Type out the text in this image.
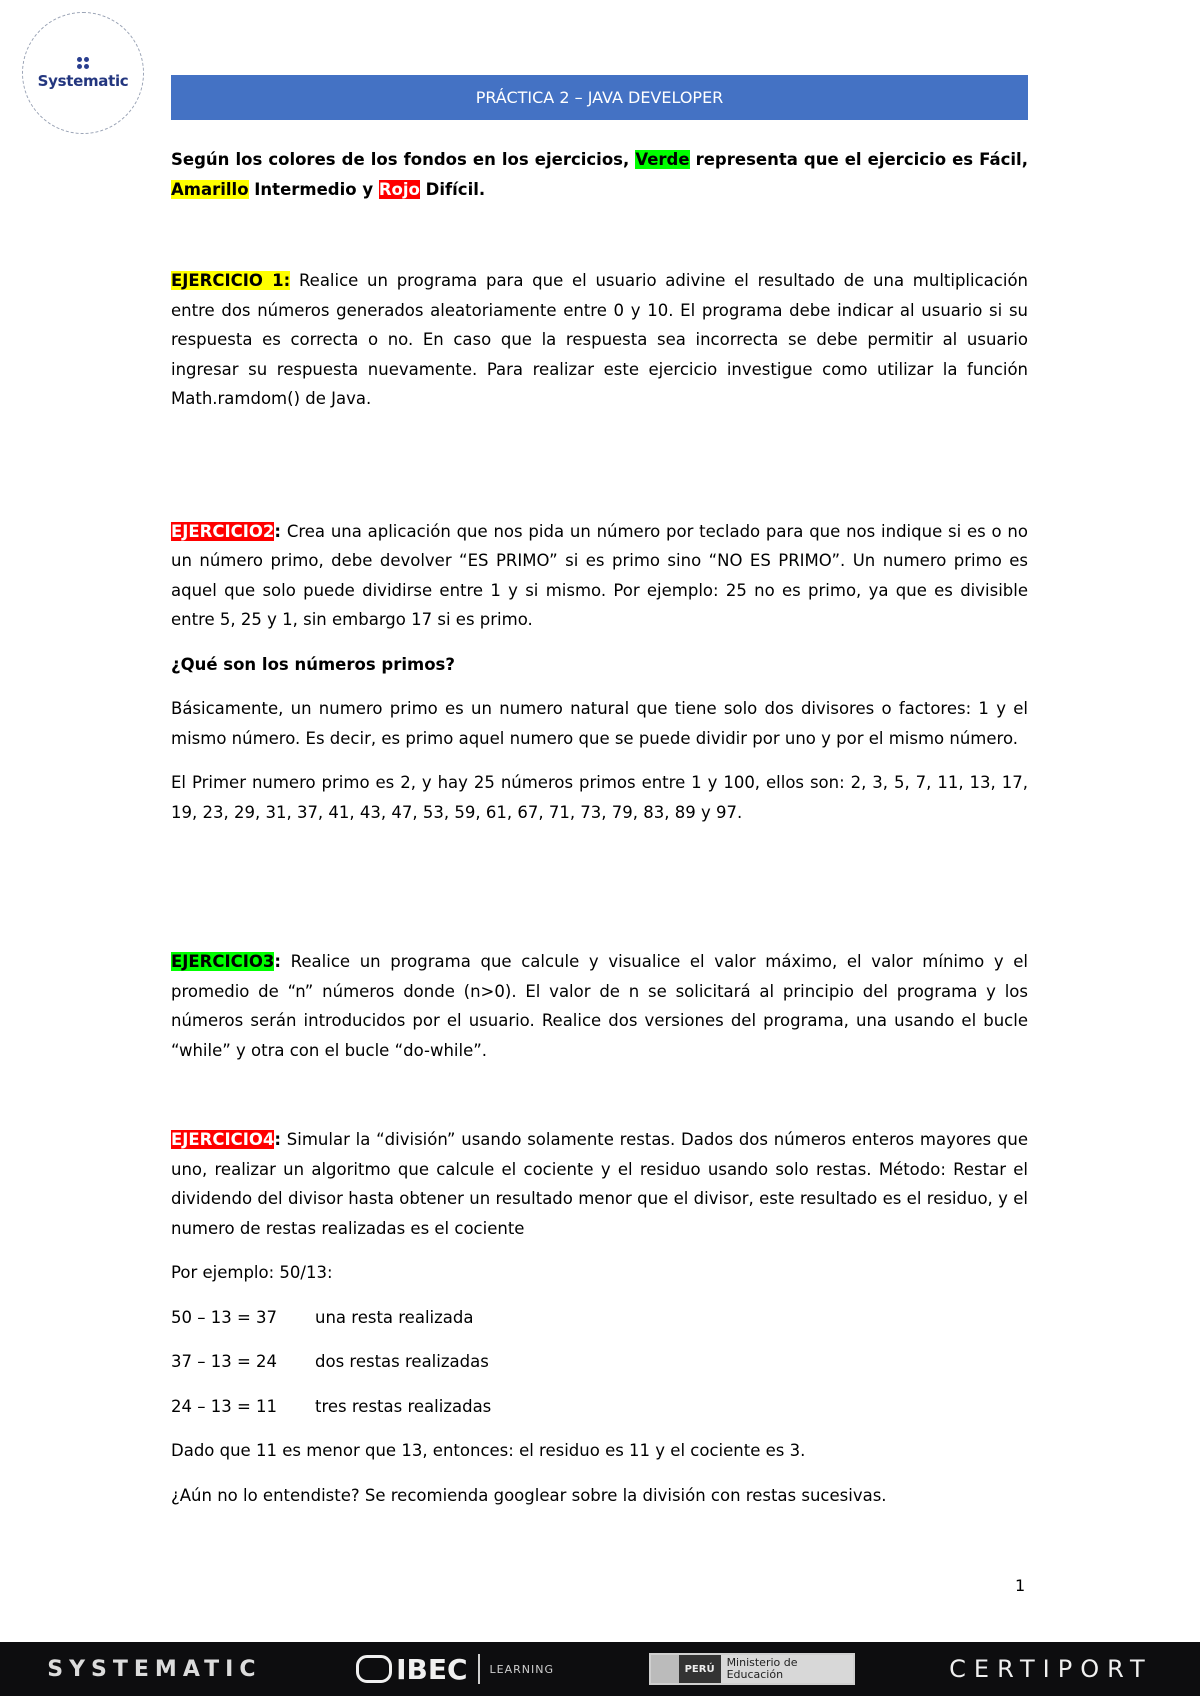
Systematic
PRÁCTICA 2 – JAVA DEVELOPER

Según los colores de los fondos en los ejercicios, Verde representa que el ejercicio es Fácil, Amarillo Intermedio y Rojo Difícil.

EJERCICIO 1: Realice un programa para que el usuario adivine el resultado de una multiplicación entre dos números generados aleatoriamente entre 0 y 10. El programa debe indicar al usuario si su respuesta es correcta o no. En caso que la respuesta sea incorrecta se debe permitir al usuario ingresar su respuesta nuevamente. Para realizar este ejercicio investigue como utilizar la función Math.ramdom() de Java.

EJERCICIO2: Crea una aplicación que nos pida un número por teclado para que nos indique si es o no un número primo, debe devolver “ES PRIMO” si es primo sino “NO ES PRIMO”. Un numero primo es aquel que solo puede dividirse entre 1 y si mismo. Por ejemplo: 25 no es primo, ya que es divisible entre 5, 25 y 1, sin embargo 17 si es primo.

¿Qué son los números primos?

Básicamente, un numero primo es un numero natural que tiene solo dos divisores o factores: 1 y el mismo número. Es decir, es primo aquel numero que se puede dividir por uno y por el mismo número.

El Primer numero primo es 2, y hay 25 números primos entre 1 y 100, ellos son: 2, 3, 5, 7, 11, 13, 17, 19, 23, 29, 31, 37, 41, 43, 47, 53, 59, 61, 67, 71, 73, 79, 83, 89 y 97.

EJERCICIO3: Realice un programa que calcule y visualice el valor máximo, el valor mínimo y el promedio de “n” números donde (n>0). El valor de n se solicitará al principio del programa y los números serán introducidos por el usuario. Realice dos versiones del programa, una usando el bucle “while” y otra con el bucle “do-while”.

EJERCICIO4: Simular la “división” usando solamente restas. Dados dos números enteros mayores que uno, realizar un algoritmo que calcule el cociente y el residuo usando solo restas. Método: Restar el dividendo del divisor hasta obtener un resultado menor que el divisor, este resultado es el residuo, y el numero de restas realizadas es el cociente

Por ejemplo: 50/13:

50 – 13 = 37 una resta realizada

37 – 13 = 24 dos restas realizadas

24 – 13 = 11 tres restas realizadas

Dado que 11 es menor que 13, entonces: el residuo es 11 y el cociente es 3.

¿Aún no lo entendiste? Se recomienda googlear sobre la división con restas sucesivas.

1
SYSTEMATIC	IBEC LEARNING	PERÚ	Ministerio de Educación	CERTIPORT
